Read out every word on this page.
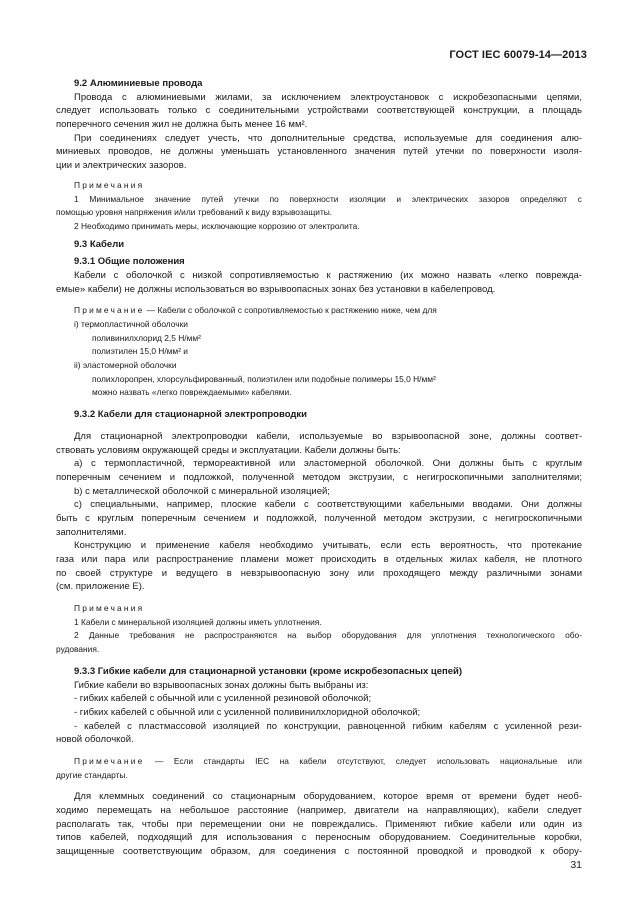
ГОСТ IEC 60079-14—2013
9.2 Алюминиевые провода
Провода с алюминиевыми жилами, за исключением электроустановок с искробезопасными цепями,
следует использовать только с соединительными устройствами соответствующей конструкции, а площадь
поперечного сечения жил не должна быть менее 16 мм².
При соединениях следует учесть, что дополнительные средства, используемые для соединения алю-
миниевых проводов, не должны уменьшать установленного значения путей утечки по поверхности изоля-
ции и электрических зазоров.
Примечания
1 Минимальное значение путей утечки по поверхности изоляции и электрических зазоров определяют с
помощью уровня напряжения и/или требований к виду взрывозащиты.
2 Необходимо принимать меры, исключающие коррозию от электролита.
9.3 Кабели
9.3.1 Общие положения
Кабели с оболочкой с низкой сопротивляемостью к растяжению (их можно назвать «легко поврежда-
емые» кабели) не должны использоваться во взрывоопасных зонах без установки в кабелепровод.
Примечание — Кабели с оболочкой с сопротивляемостью к растяжению ниже, чем для
i) термопластичной оболочки
поливинилхлорид 2,5 Н/мм²
полиэтилен 15,0 Н/мм² и
ii) эластомерной оболочки
полихлоропрен, хлорсульфированный, полиэтилен или подобные полимеры 15,0 Н/мм²
можно назвать «легко повреждаемыми» кабелями.
9.3.2 Кабели для стационарной электропроводки
Для стационарной электропроводки кабели, используемые во взрывоопасной зоне, должны соответ-
ствовать условиям окружающей среды и эксплуатации. Кабели должны быть:
а) с термопластичной, термореактивной или эластомерной оболочкой. Они должны быть с круглым
поперечным сечением и подложкой, полученной методом экструзии, с негигроскопичными заполнителями;
b) с металлической оболочкой с минеральной изоляцией;
c) специальными, например, плоские кабели с соответствующими кабельными вводами. Они должны
быть с круглым поперечным сечением и подложкой, полученной методом экструзии, с негигроскопичными
заполнителями.
Конструкцию и применение кабеля необходимо учитывать, если есть вероятность, что протекание
газа или пара или распространение пламени может происходить в отдельных жилах кабеля, не плотного
по своей структуре и ведущего в невзрывоопасную зону или проходящего между различными зонами
(см. приложение Е).
Примечания
1 Кабели с минеральной изоляцией должны иметь уплотнения.
2 Данные требования не распространяются на выбор оборудования для уплотнения технологического обо-
рудования.
9.3.3 Гибкие кабели для стационарной установки (кроме искробезопасных цепей)
Гибкие кабели во взрывоопасных зонах должны быть выбраны из:
- гибких кабелей с обычной или с усиленной резиновой оболочкой;
- гибких кабелей с обычной или с усиленной поливинилхлоридной оболочкой;
- кабелей с пластмассовой изоляцией по конструкции, равноценной гибким кабелям с усиленной рези-
новой оболочкой.
Примечание — Если стандарты IEC на кабели отсутствуют, следует использовать национальные или
другие стандарты.
Для клеммных соединений со стационарным оборудованием, которое время от времени будет необ-
ходимо перемещать на небольшое расстояние (например, двигатели на направляющих), кабели следует
располагать так, чтобы при перемещении они не повреждались. Применяют гибкие кабели или один из
типов кабелей, подходящий для использования с переносным оборудованием. Соединительные коробки,
защищенные соответствующим образом, для соединения с постоянной проводкой и проводкой к обору-
31
